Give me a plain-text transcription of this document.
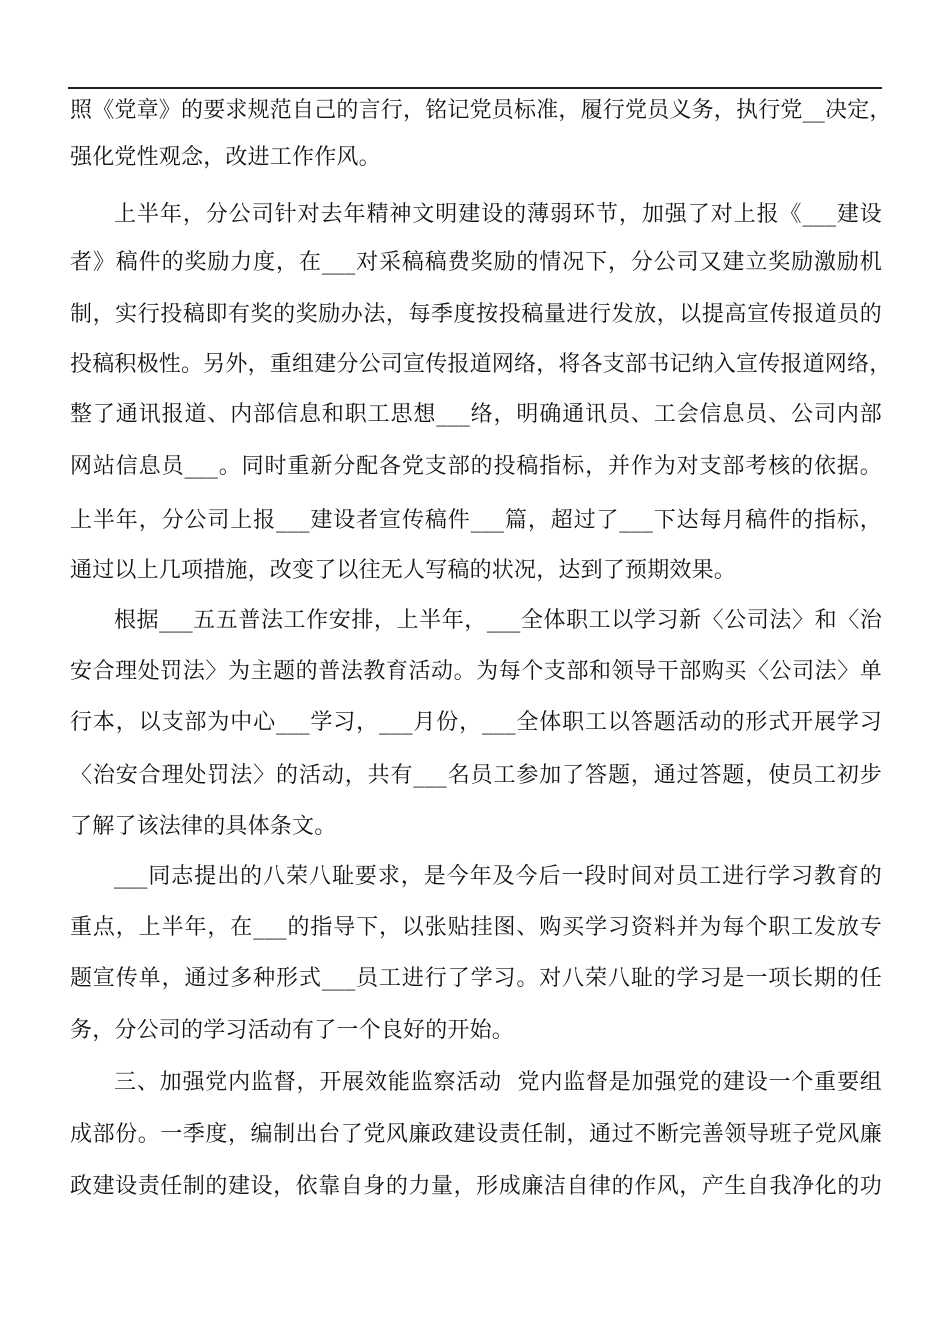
照《党章》的要求规范自己的言行，铭记党员标准，履行党员义务，执行党__决定，
强化党性观念，改进工作作风。
上半年，分公司针对去年精神文明建设的薄弱环节，加强了对上报《___建设
者》稿件的奖励力度，在___对采稿稿费奖励的情况下，分公司又建立奖励激励机
制，实行投稿即有奖的奖励办法，每季度按投稿量进行发放，以提高宣传报道员的
投稿积极性。另外，重组建分公司宣传报道网络，将各支部书记纳入宣传报道网络，
整了通讯报道、内部信息和职工思想___络，明确通讯员、工会信息员、公司内部
网站信息员___。同时重新分配各党支部的投稿指标，并作为对支部考核的依据。
上半年，分公司上报___建设者宣传稿件___篇，超过了___下达每月稿件的指标，
通过以上几项措施，改变了以往无人写稿的状况，达到了预期效果。
根据___五五普法工作安排，上半年，___全体职工以学习新〈公司法〉和〈治
安合理处罚法〉为主题的普法教育活动。为每个支部和领导干部购买〈公司法〉单
行本，以支部为中心___学习，___月份，___全体职工以答题活动的形式开展学习
〈治安合理处罚法〉的活动，共有___名员工参加了答题，通过答题，使员工初步
了解了该法律的具体条文。
___同志提出的八荣八耻要求，是今年及今后一段时间对员工进行学习教育的
重点，上半年，在___的指导下，以张贴挂图、购买学习资料并为每个职工发放专
题宣传单，通过多种形式___员工进行了学习。对八荣八耻的学习是一项长期的任
务，分公司的学习活动有了一个良好的开始。
三、加强党内监督，开展效能监察活动  党内监督是加强党的建设一个重要组
成部份。一季度，编制出台了党风廉政建设责任制，通过不断完善领导班子党风廉
政建设责任制的建设，依靠自身的力量，形成廉洁自律的作风，产生自我净化的功
